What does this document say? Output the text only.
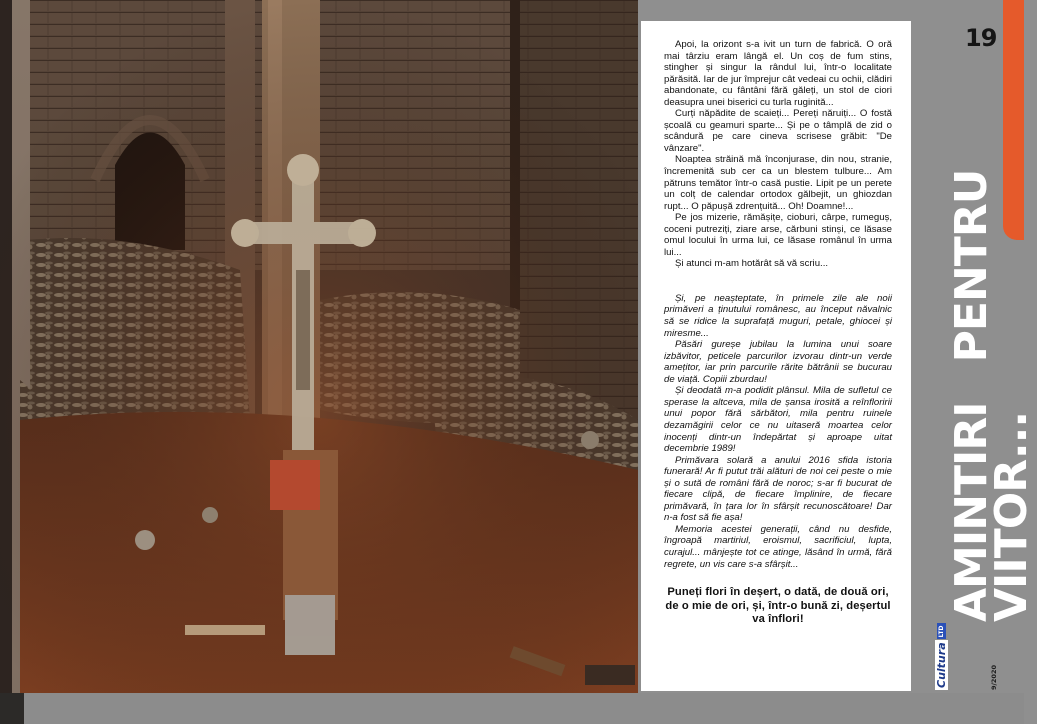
Apoi, la orizont s-a ivit un turn de fabrică. O oră mai târziu eram lângă el. Un coș de fum stins, stingher și singur la rândul lui, într-o localitate părăsită. Iar de jur împrejur cât vedeai cu ochii, clădiri abandonate, cu fântâni fără gălеți, un stol de ciori deasupra unei biserici cu turla ruginită...

Curți năpădite de scaieți... Pereți năruiți... O fostă școală cu geamuri sparte... Și pe o tâmplă de zid o scândură pe care cineva scrisese grăbit: "De vânzare".

Noaptea străină mă înconjurase, din nou, stranie, încremenită sub cer ca un blestem tulbure... Am pătruns temător într-o casă pustie. Lipit pe un perete un colț de calendar ortodox gălbejit, un ghiozdan rupt... O păpușă zdrențuită... Oh! Doamne!...

Pe jos mizerie, rămășițe, cioburi, cârpe, rumeguș, coceni putreziți, ziare arse, cărbuni stinși, ce lăsase omul locului în urma lui, ce lăsase românul în urma lui...

Și atunci m-am hotărât să vă scriu...

Și, pe neașteptate, în primele zile ale noii primăveri a ținutului românesc, au început năvalnic să se ridice la suprafață muguri, petale, ghiocei și miresme...

Păsări gureșe jubilau la lumina unui soare izbăvitor, peticele parcurilor izvorau dintr-un verde amețitor, iar prin parcurile rărite bătrânii se bucurau de viață. Copiii zburdau!

Și deodată m-a podidit plânsul. Mila de sufletul ce sperase la altceva, mila de șansa irosită a reînfloririi unui popor fără sărbători, mila pentru ruinele dezamăgirii celor ce nu uitaseră moartea celor inocenți dintr-un îndepărtat și aproape uitat decembrie 1989!

Primăvara solară a anului 2016 sfida istoria funerară! Ar fi putut trăi alături de noi cei peste o mie și o sută de români fără de noroc; s-ar fi bucurat de fiecare clipă, de fiecare împlinire, de fiecare primăvară, în țara lor în sfârșit recunoscătoare! Dar n-a fost să fie așa!

Memoria acestei generații, când nu desfide, îngroapă martiriul, eroismul, sacrificiul, lupta, curajul... mânjește tot ce atinge, lăsând în urmă, fără regrete, un vis care s-a sfârșit...

Puneți flori în deșert, o dată, de două ori, de o mie de ori, și, într-o bună zi, deșertul va înflori!
19
AMINTIRIPENTRU
VIITOR...
Cultura
LTD
9/2020
